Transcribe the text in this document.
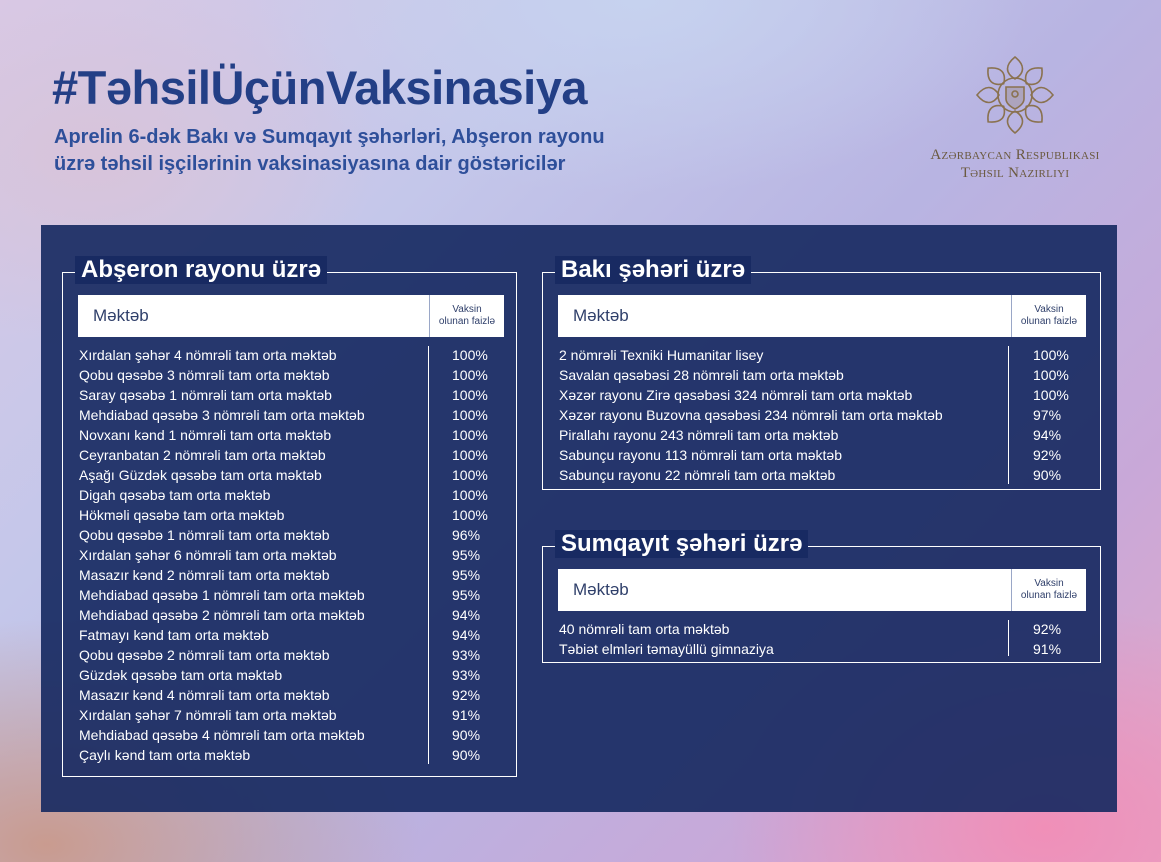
#TəhsilÜçünVaksinasiya

Aprelin 6-dək Bakı və Sumqayıt şəhərləri, Abşeron rayonu
üzrə təhsil işçilərinin vaksinasiyasına dair göstəricilər	Azərbaycan Respublikası
Təhsil Nazirliyi
Abşeron rayonu üzrə
Məktəb	Vaksin
olunan faizlə
Xırdalan şəhər 4 nömrəli tam orta məktəb	100%
Qobu qəsəbə 3 nömrəli tam orta məktəb	100%
Saray qəsəbə 1 nömrəli tam orta məktəb	100%
Mehdiabad qəsəbə 3 nömrəli tam orta məktəb	100%
Novxanı kənd 1 nömrəli tam orta məktəb	100%
Ceyranbatan 2 nömrəli tam orta məktəb	100%
Aşağı Güzdək qəsəbə tam orta məktəb	100%
Digah qəsəbə tam orta məktəb	100%
Hökməli qəsəbə tam orta məktəb	100%
Qobu qəsəbə 1 nömrəli tam orta məktəb	96%
Xırdalan şəhər 6 nömrəli tam orta məktəb	95%
Masazır kənd 2 nömrəli tam orta məktəb	95%
Mehdiabad qəsəbə 1 nömrəli tam orta məktəb	95%
Mehdiabad qəsəbə 2 nömrəli tam orta məktəb	94%
Fatmayı kənd tam orta məktəb	94%
Qobu qəsəbə 2 nömrəli tam orta məktəb	93%
Güzdək qəsəbə tam orta məktəb	93%
Masazır kənd 4 nömrəli tam orta məktəb	92%
Xırdalan şəhər 7 nömrəli tam orta məktəb	91%
Mehdiabad qəsəbə 4 nömrəli tam orta məktəb	90%
Çaylı kənd tam orta məktəb	90%
Bakı şəhəri üzrə
Məktəb	Vaksin
olunan faizlə
2 nömrəli Texniki Humanitar lisey	100%
Savalan qəsəbəsi 28 nömrəli tam orta məktəb	100%
Xəzər rayonu Zirə qəsəbəsi 324 nömrəli tam orta məktəb	100%
Xəzər rayonu Buzovna qəsəbəsi 234 nömrəli tam orta məktəb	97%
Pirallahı rayonu 243 nömrəli tam orta məktəb	94%
Sabunçu rayonu 113 nömrəli tam orta məktəb	92%
Sabunçu rayonu 22 nömrəli tam orta məktəb	90%
Sumqayıt şəhəri üzrə
Məktəb	Vaksin
olunan faizlə
40 nömrəli tam orta məktəb	92%
Təbiət elmləri təmayüllü gimnaziya	91%
